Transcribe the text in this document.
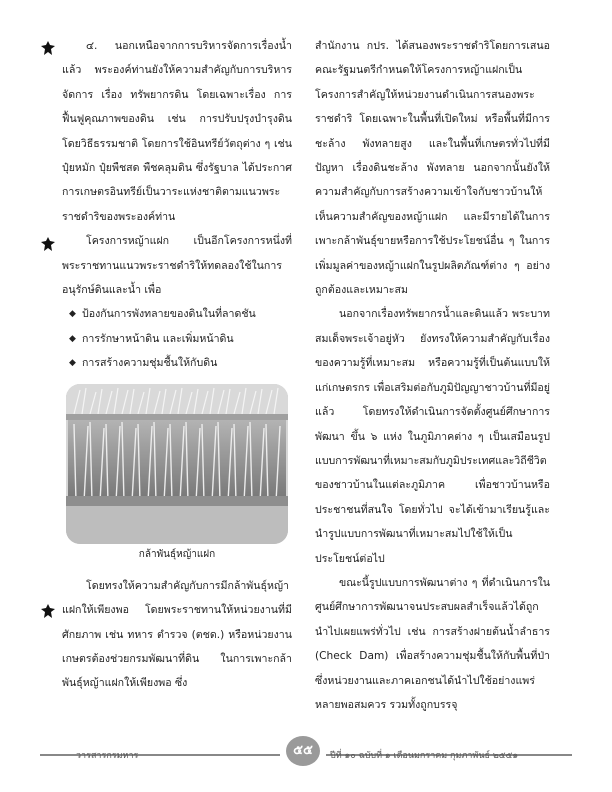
๔. นอกเหนือจากการบริหารจัดการเรื่องน้ำแล้ว พระองค์ท่านยังให้ความสำคัญกับการบริหารจัดการ เรื่อง ทรัพยากรดิน โดยเฉพาะเรื่อง การฟื้นฟูคุณภาพของดิน เช่น การปรับปรุงบำรุงดิน โดยวิธีธรรมชาติ โดยการใช้อินทรีย์วัตถุต่าง ๆ เช่น ปุ๋ยหมัก ปุ๋ยพืชสด พืชคลุมดิน ซึ่งรัฐบาล ได้ประกาศการเกษตรอินทรีย์เป็นวาระแห่งชาติตามแนวพระราชดำริของพระองค์ท่าน

โครงการหญ้าแฝก เป็นอีกโครงการหนึ่งที่พระราชทานแนวพระราชดำริให้ทดลองใช้ในการอนุรักษ์ดินและน้ำ เพื่อ

◆ ป้องกันการพังทลายของดินในที่ลาดชัน
◆ การรักษาหน้าดิน และเพิ่มหน้าดิน
◆ การสร้างความชุ่มชื้นให้กับดิน
กล้าพันธุ์หญ้าแฝก

โดยทรงให้ความสำคัญกับการมีกล้าพันธุ์หญ้าแฝกให้เพียงพอ โดยพระราชทานให้หน่วยงานที่มีศักยภาพ เช่น ทหาร ตำรวจ (ตชด.) หรือหน่วยงานเกษตรต้องช่วยกรมพัฒนาที่ดิน ในการเพาะกล้าพันธุ์หญ้าแฝกให้เพียงพอ ซึ่ง

สำนักงาน กปร. ได้สนองพระราชดำริโดยการเสนอคณะรัฐมนตรีกำหนดให้โครงการหญ้าแฝกเป็นโครงการสำคัญให้หน่วยงานดำเนินการสนองพระราชดำริ โดยเฉพาะในพื้นที่เปิดใหม่ หรือพื้นที่มีการชะล้าง พังทลายสูง และในพื้นที่เกษตรทั่วไปที่มีปัญหา เรื่องดินชะล้าง พังทลาย นอกจากนั้นยังให้ความสำคัญกับการสร้างความเข้าใจกับชาวบ้านให้เห็นความสำคัญของหญ้าแฝก และมีรายได้ในการเพาะกล้าพันธุ์ขายหรือการใช้ประโยชน์อื่น ๆ ในการเพิ่มมูลค่าของหญ้าแฝกในรูปผลิตภัณฑ์ต่าง ๆ อย่างถูกต้องและเหมาะสม

นอกจากเรื่องทรัพยากรน้ำและดินแล้ว พระบาทสมเด็จพระเจ้าอยู่หัว ยังทรงให้ความสำคัญกับเรื่องของความรู้ที่เหมาะสม หรือความรู้ที่เป็นต้นแบบให้แก่เกษตรกร เพื่อเสริมต่อกับภูมิปัญญาชาวบ้านที่มีอยู่แล้ว โดยทรงให้ดำเนินการจัดตั้งศูนย์ศึกษาการพัฒนา ขึ้น ๖ แห่ง ในภูมิภาคต่าง ๆ เป็นเสมือนรูปแบบการพัฒนาที่เหมาะสมกับภูมิประเทศและวิถีชีวิตของชาวบ้านในแต่ละภูมิภาค เพื่อชาวบ้านหรือประชาชนที่สนใจ โดยทั่วไป จะได้เข้ามาเรียนรู้และนำรูปแบบการพัฒนาที่เหมาะสมไปใช้ให้เป็นประโยชน์ต่อไป

ขณะนี้รูปแบบการพัฒนาต่าง ๆ ที่ดำเนินการในศูนย์ศึกษาการพัฒนาจนประสบผลสำเร็จแล้วได้ถูกนำไปเผยแพร่ทั่วไป เช่น การสร้างฝายต้นน้ำลำธาร (Check Dam) เพื่อสร้างความชุ่มชื้นให้กับพื้นที่ป่า ซึ่งหน่วยงานและภาคเอกชนได้นำไปใช้อย่างแพร่หลายพอสมควร รวมทั้งถูกบรรจุ

วารสารกรมหาร	๕๕	ปีที่ ๑๐ ฉบับที่ ๑ เดือนมกราคม กุมภาพันธ์ ๒๕๕๑
